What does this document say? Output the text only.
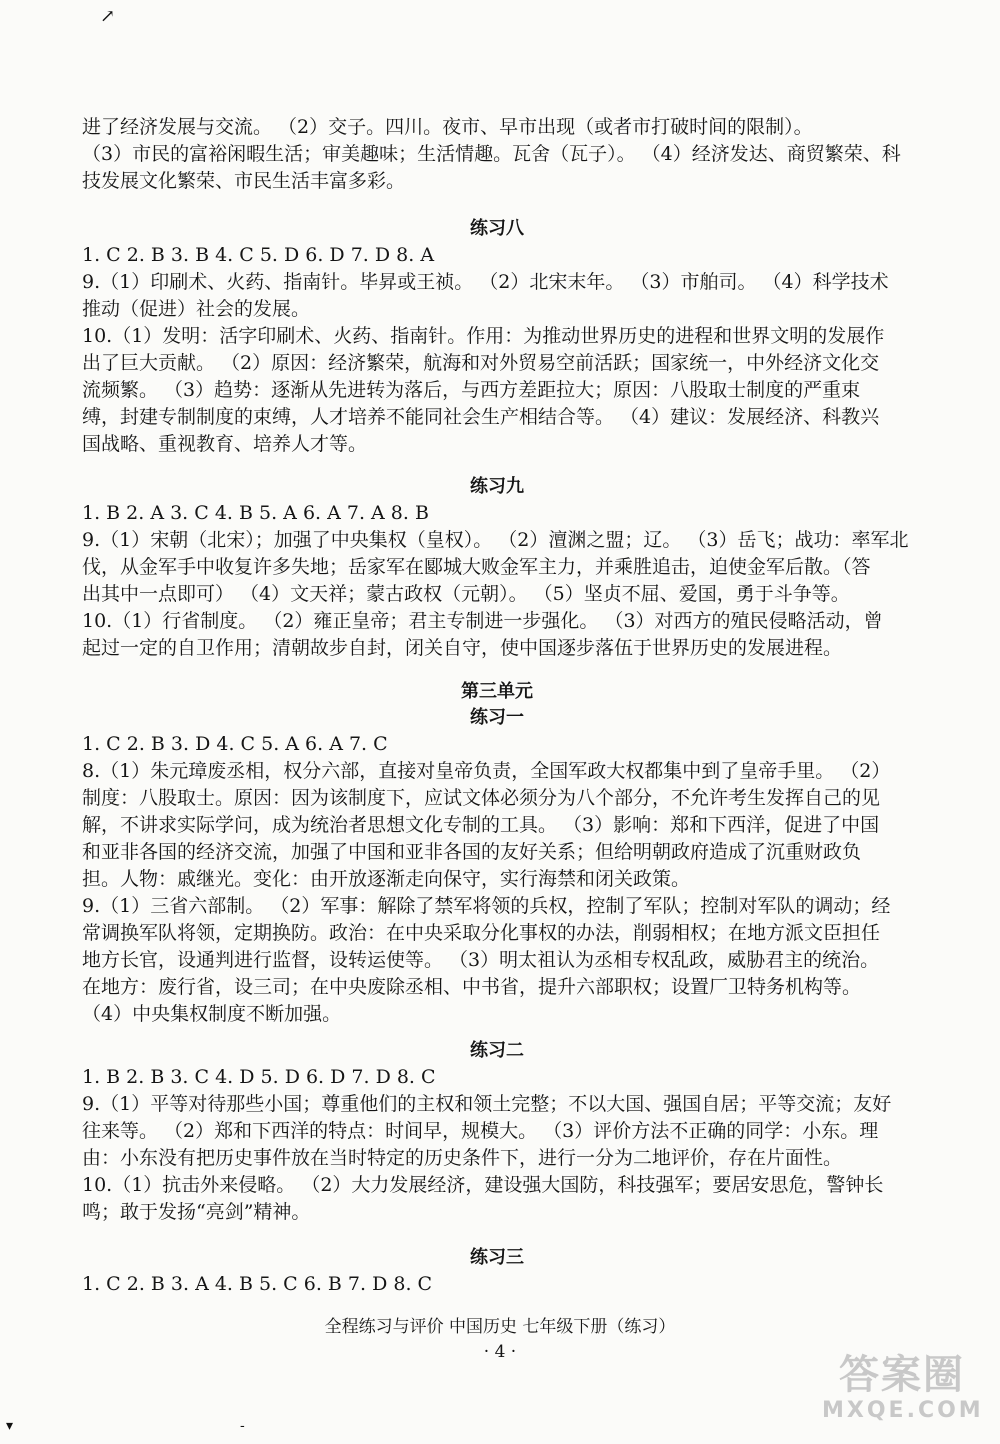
↗
进了经济发展与交流。 （2）交子。四川。夜市、早市出现（或者市打破时间的限制）。
（3）市民的富裕闲暇生活；审美趣味；生活情趣。瓦舍（瓦子）。 （4）经济发达、商贸繁荣、科
技发展文化繁荣、市民生活丰富多彩。
练习八
1. C 2. B 3. B 4. C 5. D 6. D 7. D 8. A
9.（1）印刷术、火药、指南针。毕昇或王祯。 （2）北宋末年。 （3）市舶司。 （4）科学技术
推动（促进）社会的发展。
10.（1）发明：活字印刷术、火药、指南针。作用：为推动世界历史的进程和世界文明的发展作
出了巨大贡献。 （2）原因：经济繁荣，航海和对外贸易空前活跃；国家统一，中外经济文化交
流频繁。 （3）趋势：逐渐从先进转为落后，与西方差距拉大；原因：八股取士制度的严重束
缚，封建专制制度的束缚，人才培养不能同社会生产相结合等。 （4）建议：发展经济、科教兴
国战略、重视教育、培养人才等。
练习九
1. B 2. A 3. C 4. B 5. A 6. A 7. A 8. B
9.（1）宋朝（北宋）；加强了中央集权（皇权）。 （2）澶渊之盟；辽。 （3）岳飞；战功：率军北
伐，从金军手中收复许多失地；岳家军在郾城大败金军主力，并乘胜追击，迫使金军后散。（答
出其中一点即可） （4）文天祥；蒙古政权（元朝）。 （5）坚贞不屈、爱国，勇于斗争等。
10.（1）行省制度。 （2）雍正皇帝；君主专制进一步强化。 （3）对西方的殖民侵略活动，曾
起过一定的自卫作用；清朝故步自封，闭关自守，使中国逐步落伍于世界历史的发展进程。
第三单元
练习一
1. C 2. B 3. D 4. C 5. A 6. A 7. C
8.（1）朱元璋废丞相，权分六部，直接对皇帝负责，全国军政大权都集中到了皇帝手里。 （2）
制度：八股取士。原因：因为该制度下，应试文体必须分为八个部分，不允许考生发挥自己的见
解，不讲求实际学问，成为统治者思想文化专制的工具。 （3）影响：郑和下西洋，促进了中国
和亚非各国的经济交流，加强了中国和亚非各国的友好关系；但给明朝政府造成了沉重财政负
担。人物：戚继光。变化：由开放逐渐走向保守，实行海禁和闭关政策。
9.（1）三省六部制。 （2）军事：解除了禁军将领的兵权，控制了军队；控制对军队的调动；经
常调换军队将领，定期换防。政治：在中央采取分化事权的办法，削弱相权；在地方派文臣担任
地方长官，设通判进行监督，设转运使等。 （3）明太祖认为丞相专权乱政，威胁君主的统治。
在地方：废行省，设三司；在中央废除丞相、中书省，提升六部职权；设置厂卫特务机构等。
（4）中央集权制度不断加强。
练习二
1. B 2. B 3. C 4. D 5. D 6. D 7. D 8. C
9.（1）平等对待那些小国；尊重他们的主权和领土完整；不以大国、强国自居；平等交流；友好
往来等。 （2）郑和下西洋的特点：时间早，规模大。 （3）评价方法不正确的同学：小东。理
由：小东没有把历史事件放在当时特定的历史条件下，进行一分为二地评价，存在片面性。
10.（1）抗击外来侵略。 （2）大力发展经济，建设强大国防，科技强军；要居安思危，警钟长
鸣；敢于发扬“亮剑”精神。
练习三
1. C 2. B 3. A 4. B 5. C 6. B 7. D 8. C
全程练习与评价 中国历史 七年级下册（练习）
· 4 ·	答案圈
MXQE.COM
▾	-
